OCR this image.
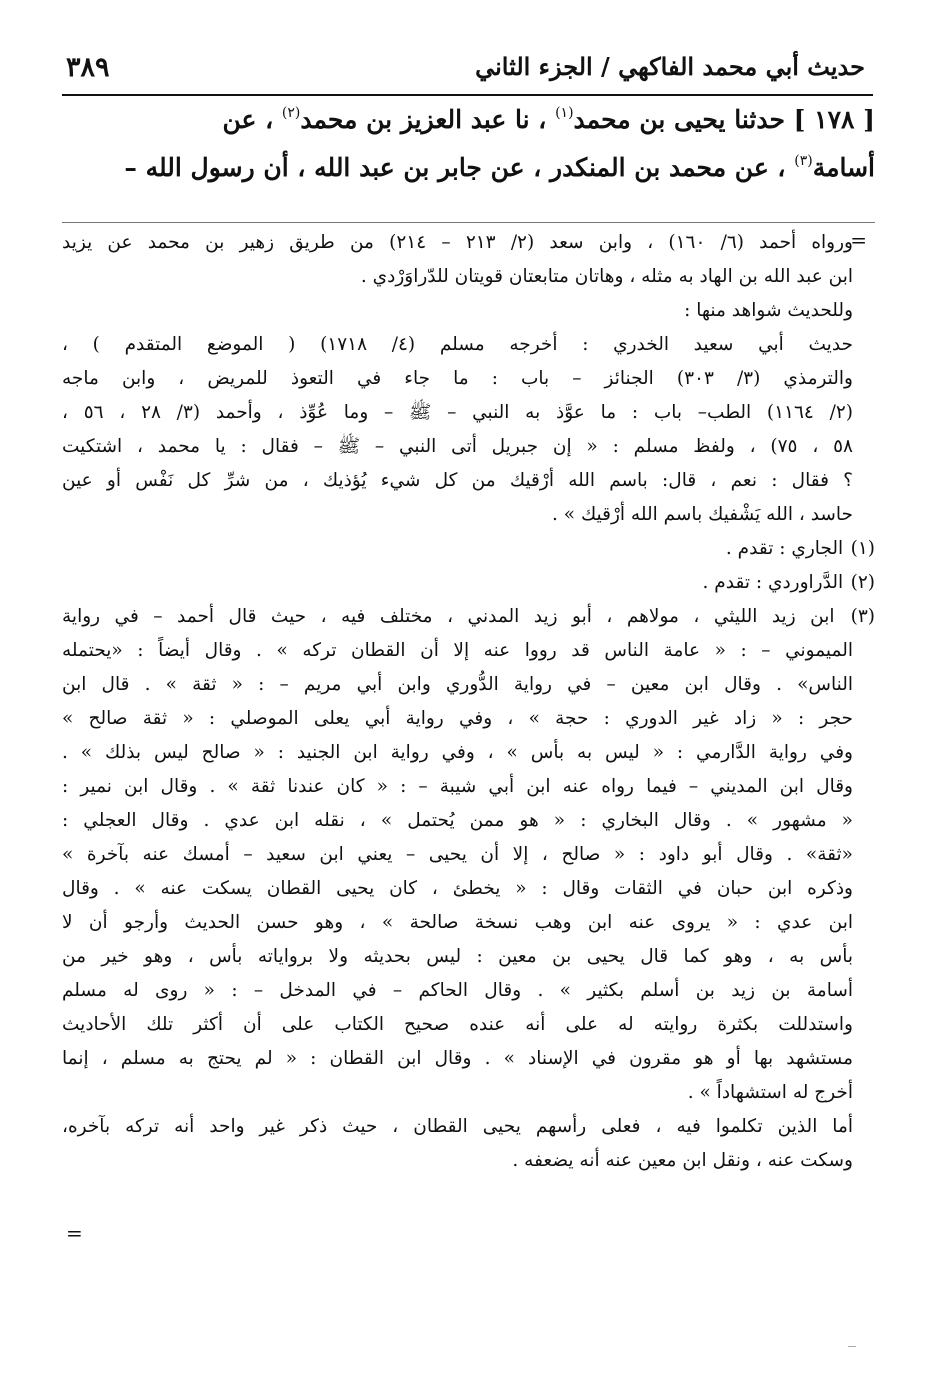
حديث أبي محمد الفاكهي / الجزء الثاني
٣٨٩

[ ١٧٨ ] حدثنا يحيى بن محمد$^{(١)}$ ، نا عبد العزيز بن محمد$^{(٢)}$ ، عن

أسامة$^{(٣)}$ ، عن محمد بن المنكدر ، عن جابر بن عبد الله ، أن رسول الله –

=

ورواه أحمد (٦/ ١٦٠) ، وابن سعد (٢/ ٢١٣ – ٢١٤) من طريق زهير بن محمد عن يزيد

ابن عبد الله بن الهاد به مثله ، وهاتان متابعتان قويتان للدّراوَرْدي .

وللحديث شواهد منها :

حديث أبي سعيد الخدري : أخرجه مسلم (٤/ ١٧١٨) ( الموضع المتقدم ) ،

والترمذي (٣/ ٣٠٣) الجنائز – باب : ما جاء في التعوذ للمريض ، وابن ماجه

(٢/ ١١٦٤) الطب– باب : ما عوَّذ به النبي – ﷺ – وما عُوِّذ ، وأحمد (٣/ ٢٨ ، ٥٦ ،

٥٨ ، ٧٥) ، ولفظ مسلم : « إن جبريل أتى النبي – ﷺ – فقال : يا محمد ، اشتكيت

؟ فقال : نعم ، قال: باسم الله أرْقيك من كل شيء يُؤذيك ، من شرِّ كل نَفْس أو عين

حاسد ، الله يَشْفيك باسم الله أرْقيك » .

(١) الجاري : تقدم .

(٢) الدَّراوردي : تقدم .

(٣) ابن زيد الليثي ، مولاهم ، أبو زيد المدني ، مختلف فيه ، حيث قال أحمد – في رواية

الميموني – : « عامة الناس قد رووا عنه إلا أن القطان تركه » . وقال أيضاً : «يحتمله

الناس» . وقال ابن معين – في رواية الدُّوري وابن أبي مريم – : « ثقة » . قال ابن

حجر : « زاد غير الدوري : حجة » ، وفي رواية أبي يعلى الموصلي : « ثقة صالح »

وفي رواية الدَّارمي : « ليس به بأس » ، وفي رواية ابن الجنيد : « صالح ليس بذلك » .

وقال ابن المديني – فيما رواه عنه ابن أبي شيبة – : « كان عندنا ثقة » . وقال ابن نمير :

« مشهور » . وقال البخاري : « هو ممن يُحتمل » ، نقله ابن عدي . وقال العجلي :

«ثقة» . وقال أبو داود : « صالح ، إلا أن يحيى – يعني ابن سعيد – أمسك عنه بآخرة »

وذكره ابن حبان في الثقات وقال : « يخطئ ، كان يحيى القطان يسكت عنه » . وقال

ابن عدي : « يروى عنه ابن وهب نسخة صالحة » ، وهو حسن الحديث وأرجو أن لا

بأس به ، وهو كما قال يحيى بن معين : ليس بحديثه ولا برواياته بأس ، وهو خير من

أسامة بن زيد بن أسلم بكثير » . وقال الحاكم – في المدخل – : « روى له مسلم

واستدللت بكثرة روايته له على أنه عنده صحيح الكتاب على أن أكثر تلك الأحاديث

مستشهد بها أو هو مقرون في الإسناد » . وقال ابن القطان : « لم يحتج به مسلم ، إنما

أخرج له استشهاداً » .

أما الذين تكلموا فيه ، فعلى رأسهم يحيى القطان ، حيث ذكر غير واحد أنه تركه بآخره،

وسكت عنه ، ونقل ابن معين عنه أنه يضعفه .

=
